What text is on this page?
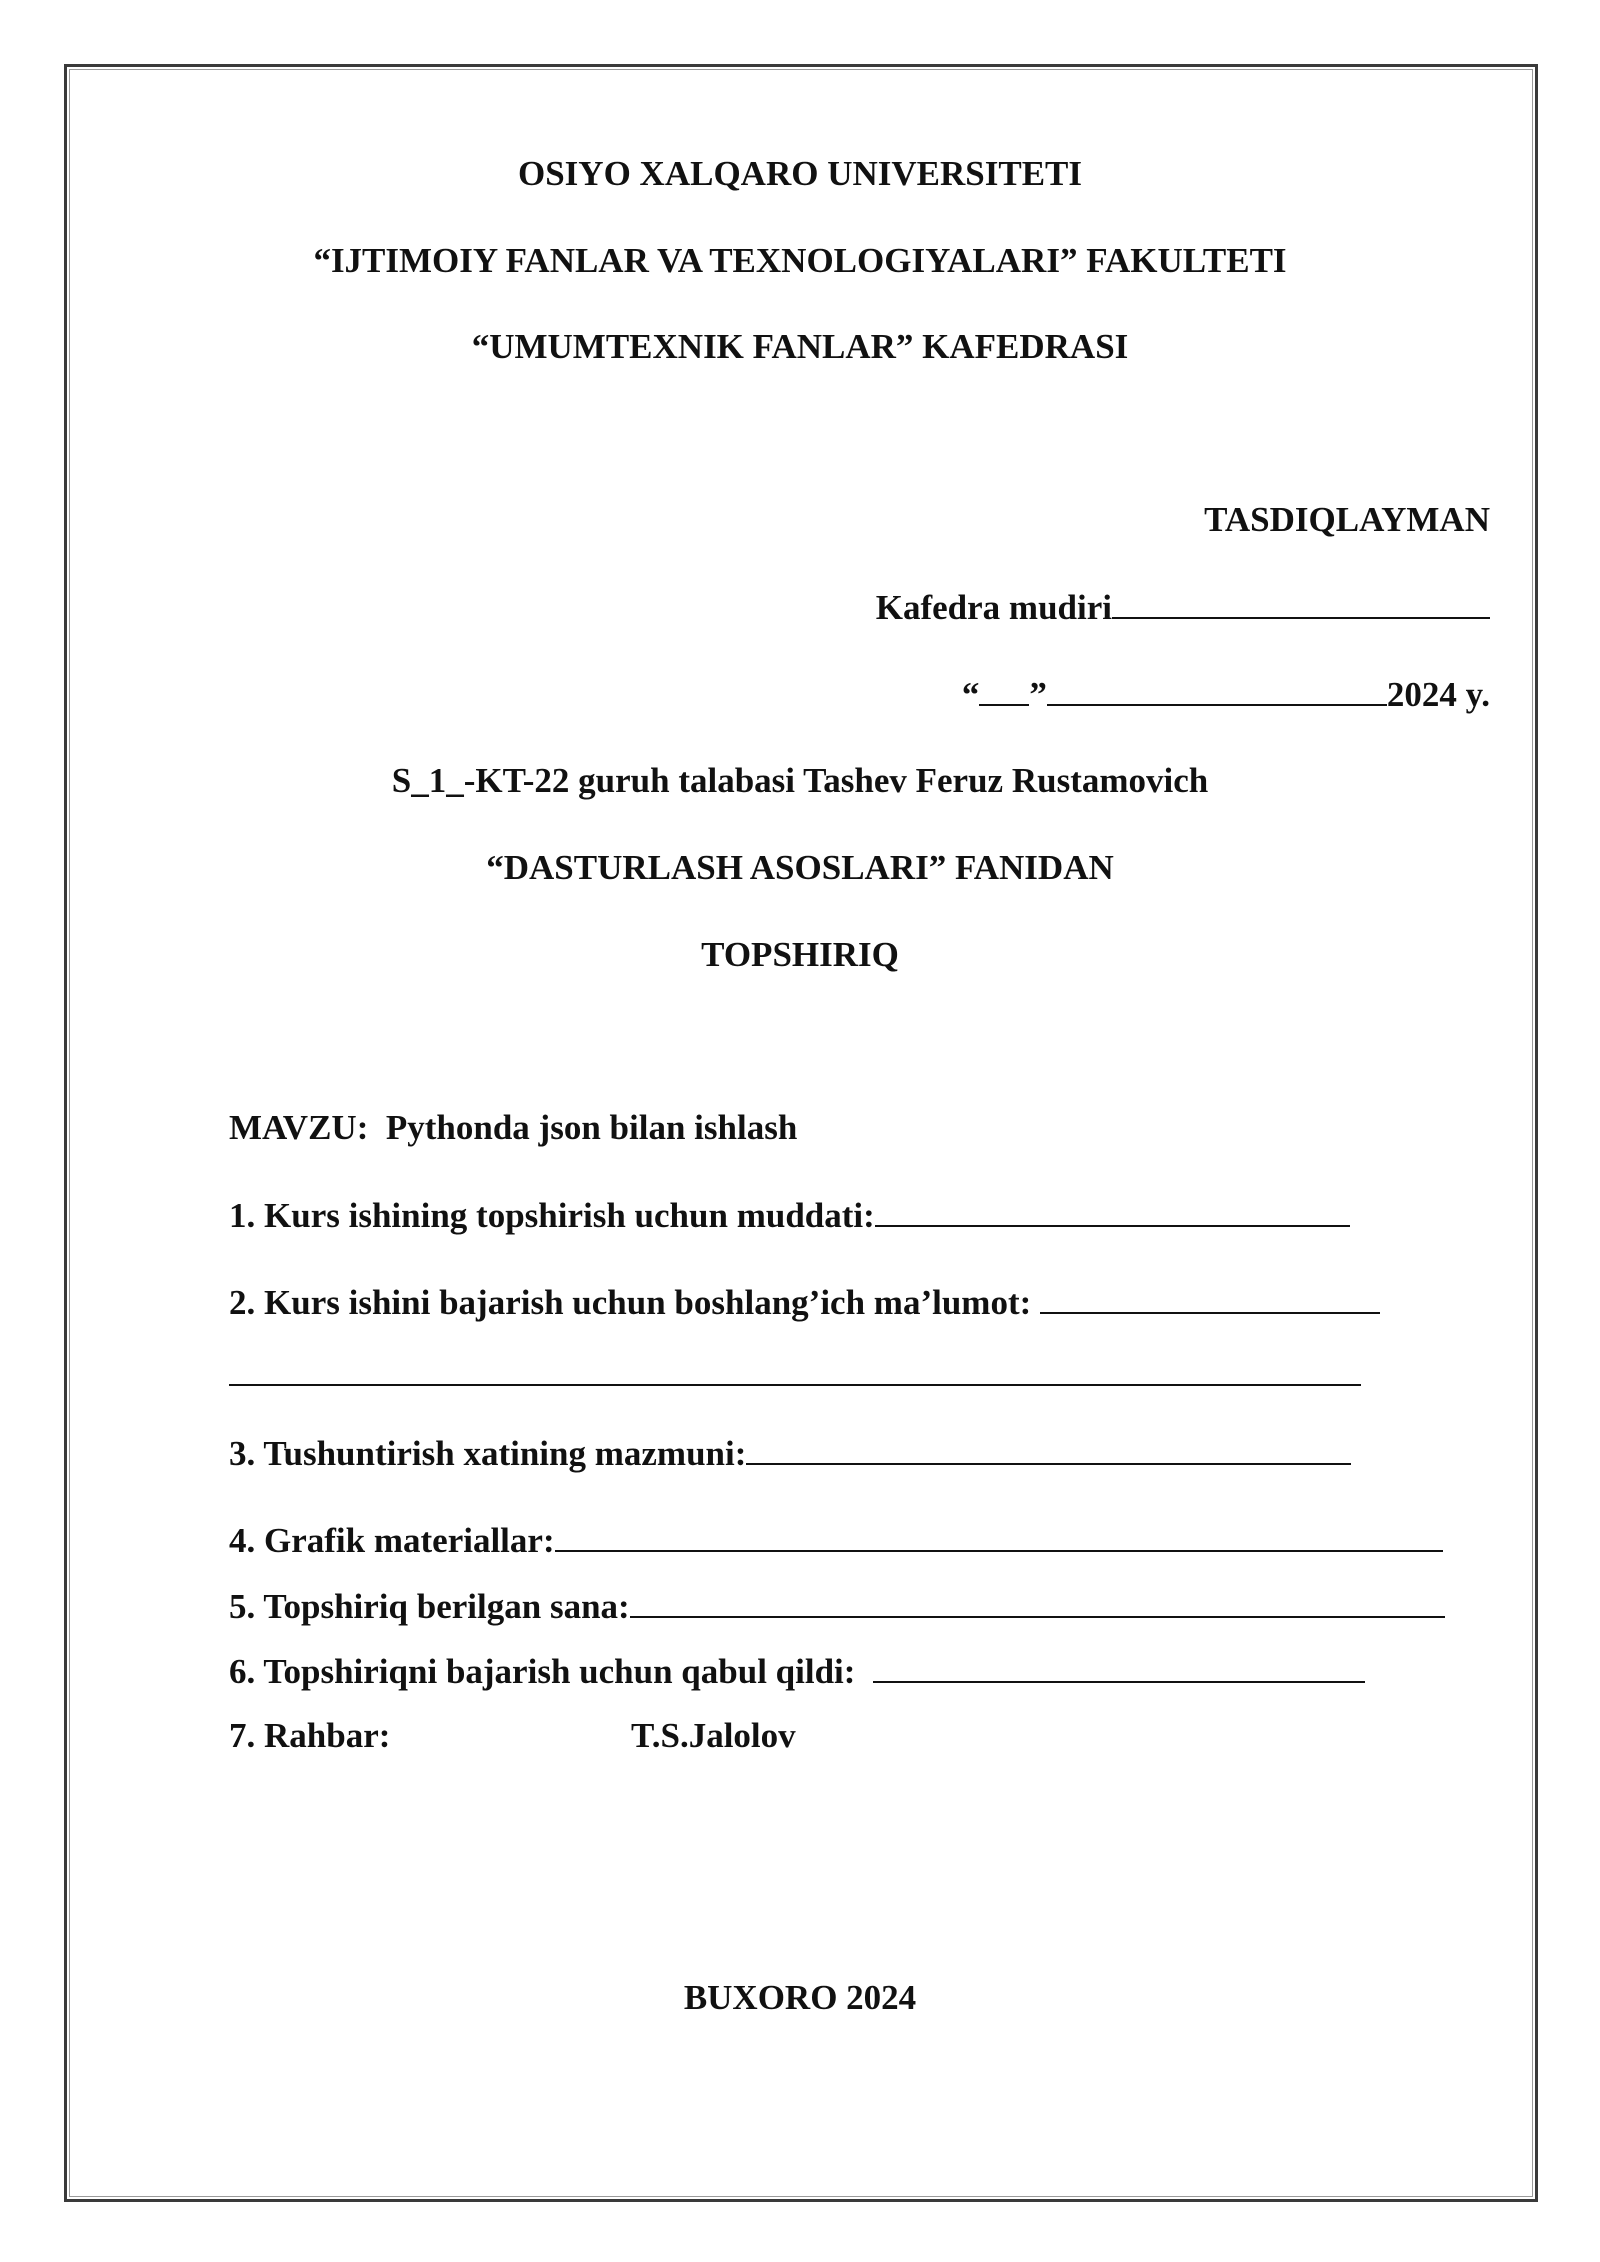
OSIYO XALQARO UNIVERSITETI
“IJTIMOIY FANLAR VA TEXNOLOGIYALARI” FAKULTETI
“UMUMTEXNIK FANLAR” KAFEDRASI
TASDIQLAYMAN
Kafedra mudiri
“ ”	2024 y.
S_1_-KT-22 guruh talabasi Tashev Feruz Rustamovich
“DASTURLASH ASOSLARI” FANIDAN
TOPSHIRIQ
MAVZU: Pythonda json bilan ishlash
1. Kurs ishining topshirish uchun muddati:
2. Kurs ishini bajarish uchun boshlang’ich ma’lumot:
3. Tushuntirish xatining mazmuni:
4. Grafik materiallar:
5. Topshiriq berilgan sana:
6. Topshiriqni bajarish uchun qabul qildi:
7. Rahbar:	T.S.Jalolov
BUXORO 2024
